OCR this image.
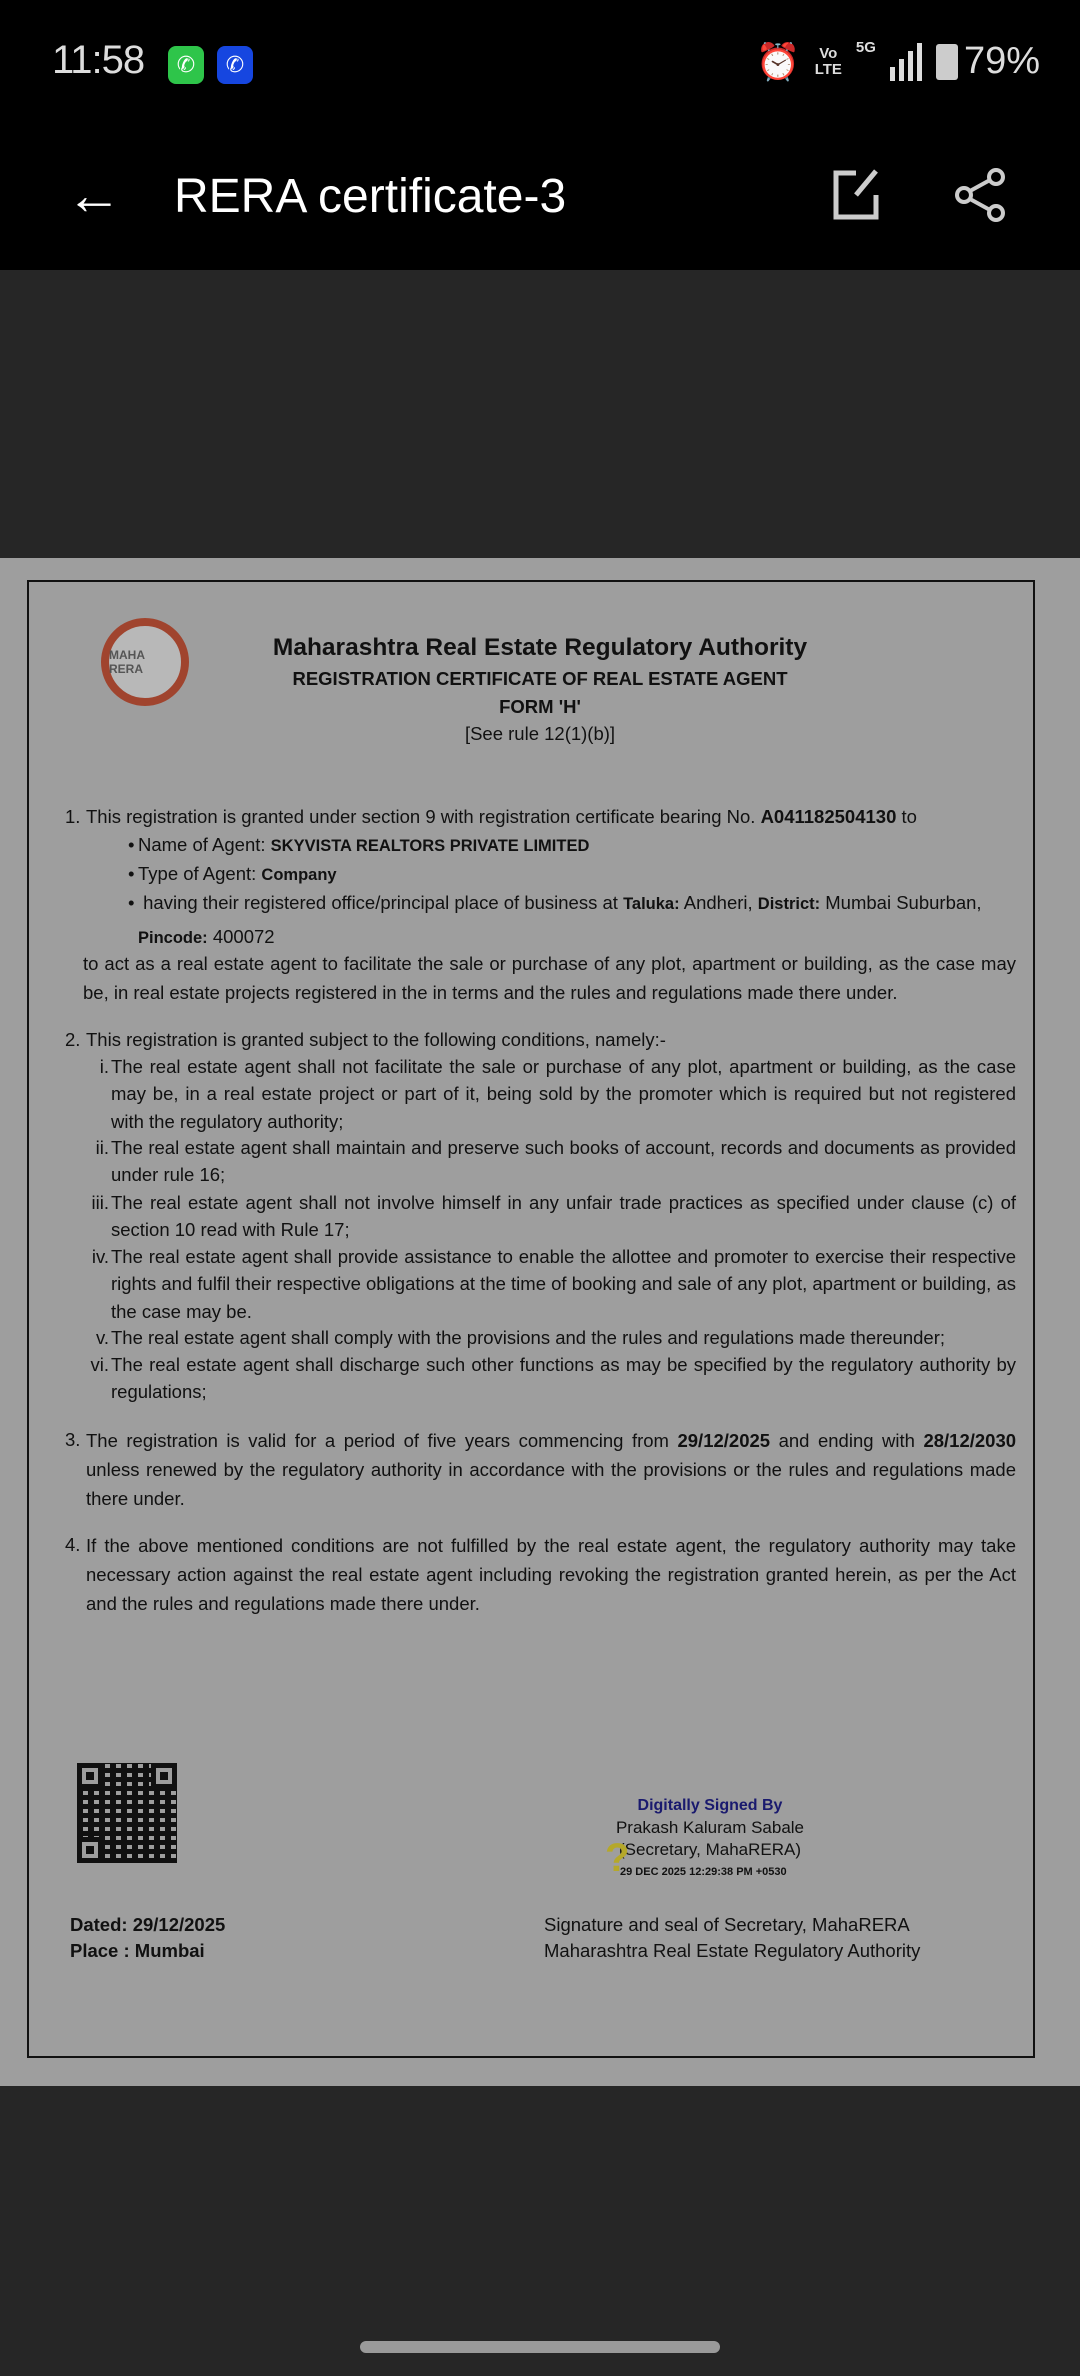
11:58	✆	✆	⏰	Vo
LTE
5G 79%
← RERA certificate-3
MAHA RERA
Maharashtra Real Estate Regulatory Authority
REGISTRATION CERTIFICATE OF REAL ESTATE AGENT
FORM 'H'
[See rule 12(1)(b)]
1. This registration is granted under section 9 with registration certificate bearing No. A041182504130 to
• Name of Agent: SKYVISTA REALTORS PRIVATE LIMITED
• Type of Agent: Company
• having their registered office/principal place of business at Taluka: Andheri, District: Mumbai Suburban,
Pincode: 400072
to act as a real estate agent to facilitate the sale or purchase of any plot, apartment or building, as the case may be, in real estate projects registered in the in terms and the rules and regulations made there under.
2. This registration is granted subject to the following conditions, namely:-
i. The real estate agent shall not facilitate the sale or purchase of any plot, apartment or building, as the case may be, in a real estate project or part of it, being sold by the promoter which is required but not registered with the regulatory authority;
ii. The real estate agent shall maintain and preserve such books of account, records and documents as provided under rule 16;
iii. The real estate agent shall not involve himself in any unfair trade practices as specified under clause (c) of section 10 read with Rule 17;
iv. The real estate agent shall provide assistance to enable the allottee and promoter to exercise their respective rights and fulfil their respective obligations at the time of booking and sale of any plot, apartment or building, as the case may be.
v. The real estate agent shall comply with the provisions and the rules and regulations made thereunder;
vi. The real estate agent shall discharge such other functions as may be specified by the regulatory authority by regulations;
3. The registration is valid for a period of five years commencing from 29/12/2025 and ending with 28/12/2030 unless renewed by the regulatory authority in accordance with the provisions or the rules and regulations made there under.
4. If the above mentioned conditions are not fulfilled by the real estate agent, the regulatory authority may take necessary action against the real estate agent including revoking the registration granted herein, as per the Act and the rules and regulations made there under.
Digitally Signed By
Prakash Kaluram Sabale
(Secretary, MahaRERA)
?
29 DEC 2025 12:29:38 PM +0530
Dated: 29/12/2025
Place : Mumbai
Signature and seal of Secretary, MahaRERA
Maharashtra Real Estate Regulatory Authority
